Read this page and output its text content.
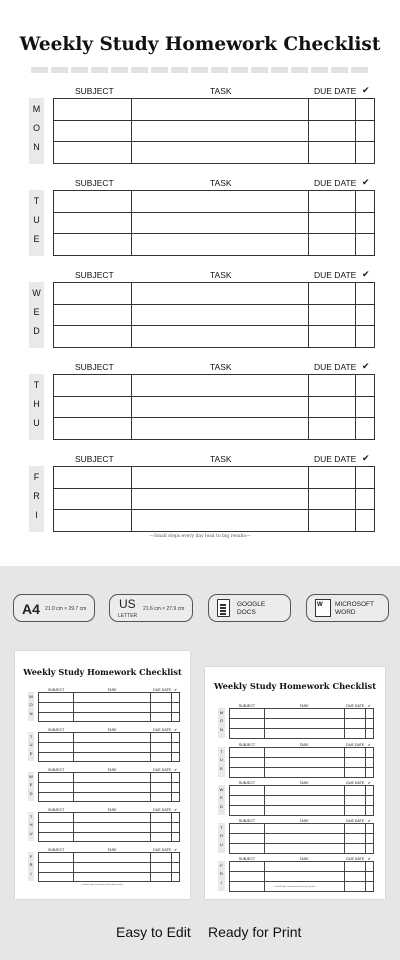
Weekly Study Homework Checklist
SUBJECT	TASK	DUE DATE ✔
M
O
N

SUBJECT	TASK	DUE DATE ✔
T
U
E

SUBJECT	TASK	DUE DATE ✔
W
E
D

SUBJECT	TASK	DUE DATE ✔
T
H
U

SUBJECT	TASK	DUE DATE ✔
F
R
I

—Small steps every day lead to big results—
A4 21.0 cm × 29.7 cm	US
LETTER
21.6 cm × 27.9 cm
GOOGLE
DOCS
W	MICROSOFT
WORD
Weekly Study Homework Checklist
SUBJECT	TASK	DUE DATE ✔
M
O
N

SUBJECT	TASK	DUE DATE ✔
T
U
E

SUBJECT	TASK	DUE DATE ✔
W
E
D

SUBJECT	TASK	DUE DATE ✔
T
H
U

SUBJECT	TASK	DUE DATE ✔
F
R
I

—Small steps every day lead to big results—
Weekly Study Homework Checklist
SUBJECT	TASK	DUE DATE ✔
M
O
N

SUBJECT	TASK	DUE DATE ✔
T
U
E

SUBJECT	TASK	DUE DATE ✔
W
E
D

SUBJECT	TASK	DUE DATE ✔
T
H
U

SUBJECT	TASK	DUE DATE ✔
F
R
I

—Small steps every day lead to big results—
Easy to Edit Ready for Print
